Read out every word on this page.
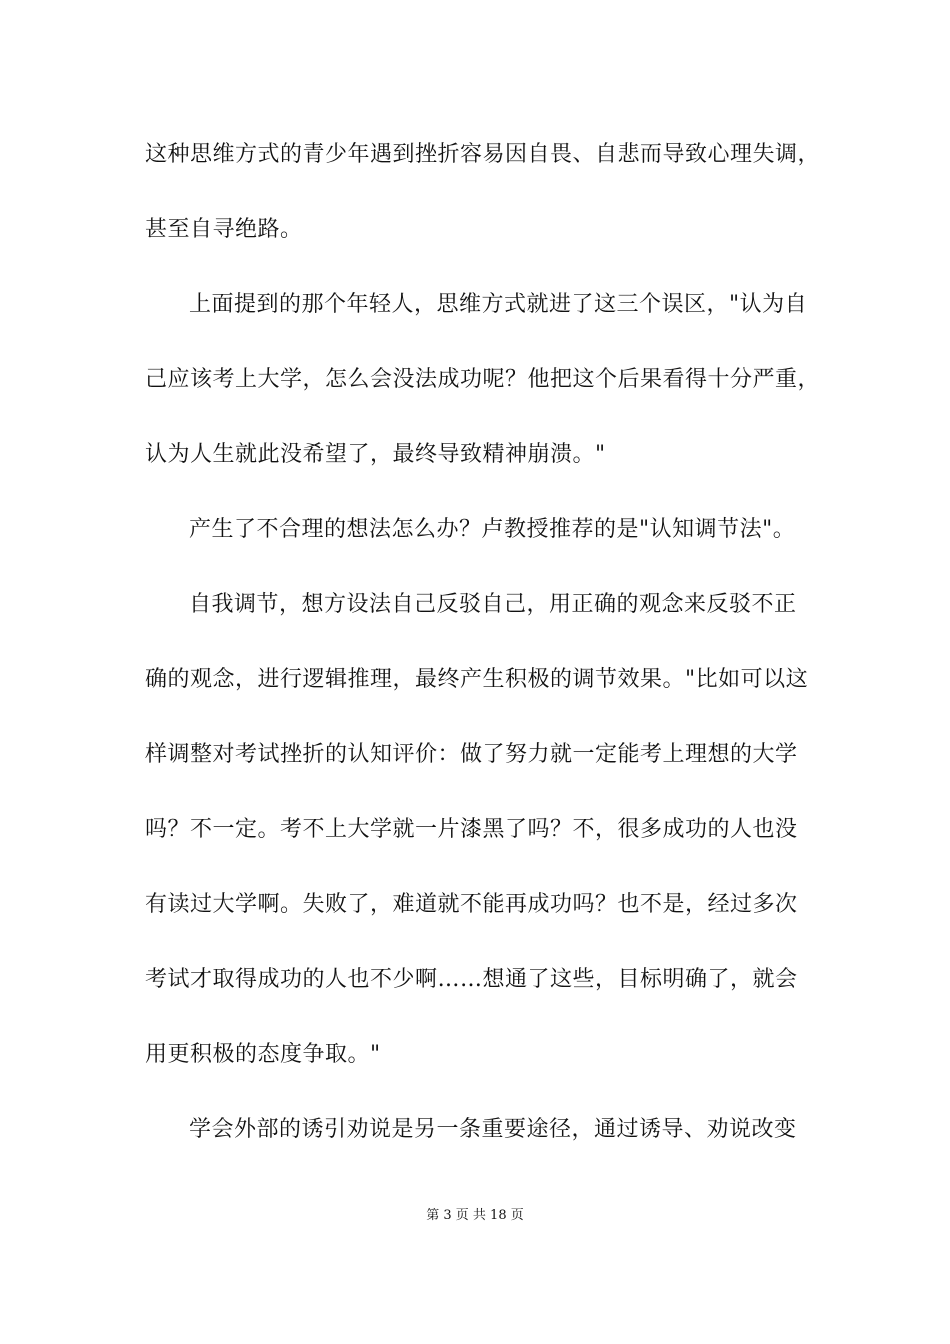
这种思维方式的青少年遇到挫折容易因自畏、自悲而导致心理失调，
甚至自寻绝路。
上面提到的那个年轻人，思维方式就进了这三个误区，"认为自
己应该考上大学，怎么会没法成功呢？他把这个后果看得十分严重，
认为人生就此没希望了，最终导致精神崩溃。"
产生了不合理的想法怎么办？卢教授推荐的是"认知调节法"。
自我调节，想方设法自己反驳自己，用正确的观念来反驳不正
确的观念，进行逻辑推理，最终产生积极的调节效果。"比如可以这
样调整对考试挫折的认知评价：做了努力就一定能考上理想的大学
吗？不一定。考不上大学就一片漆黑了吗？不，很多成功的人也没
有读过大学啊。失败了，难道就不能再成功吗？也不是，经过多次
考试才取得成功的人也不少啊……想通了这些，目标明确了，就会
用更积极的态度争取。"
学会外部的诱引劝说是另一条重要途径，通过诱导、劝说改变
第 3 页 共 18 页
